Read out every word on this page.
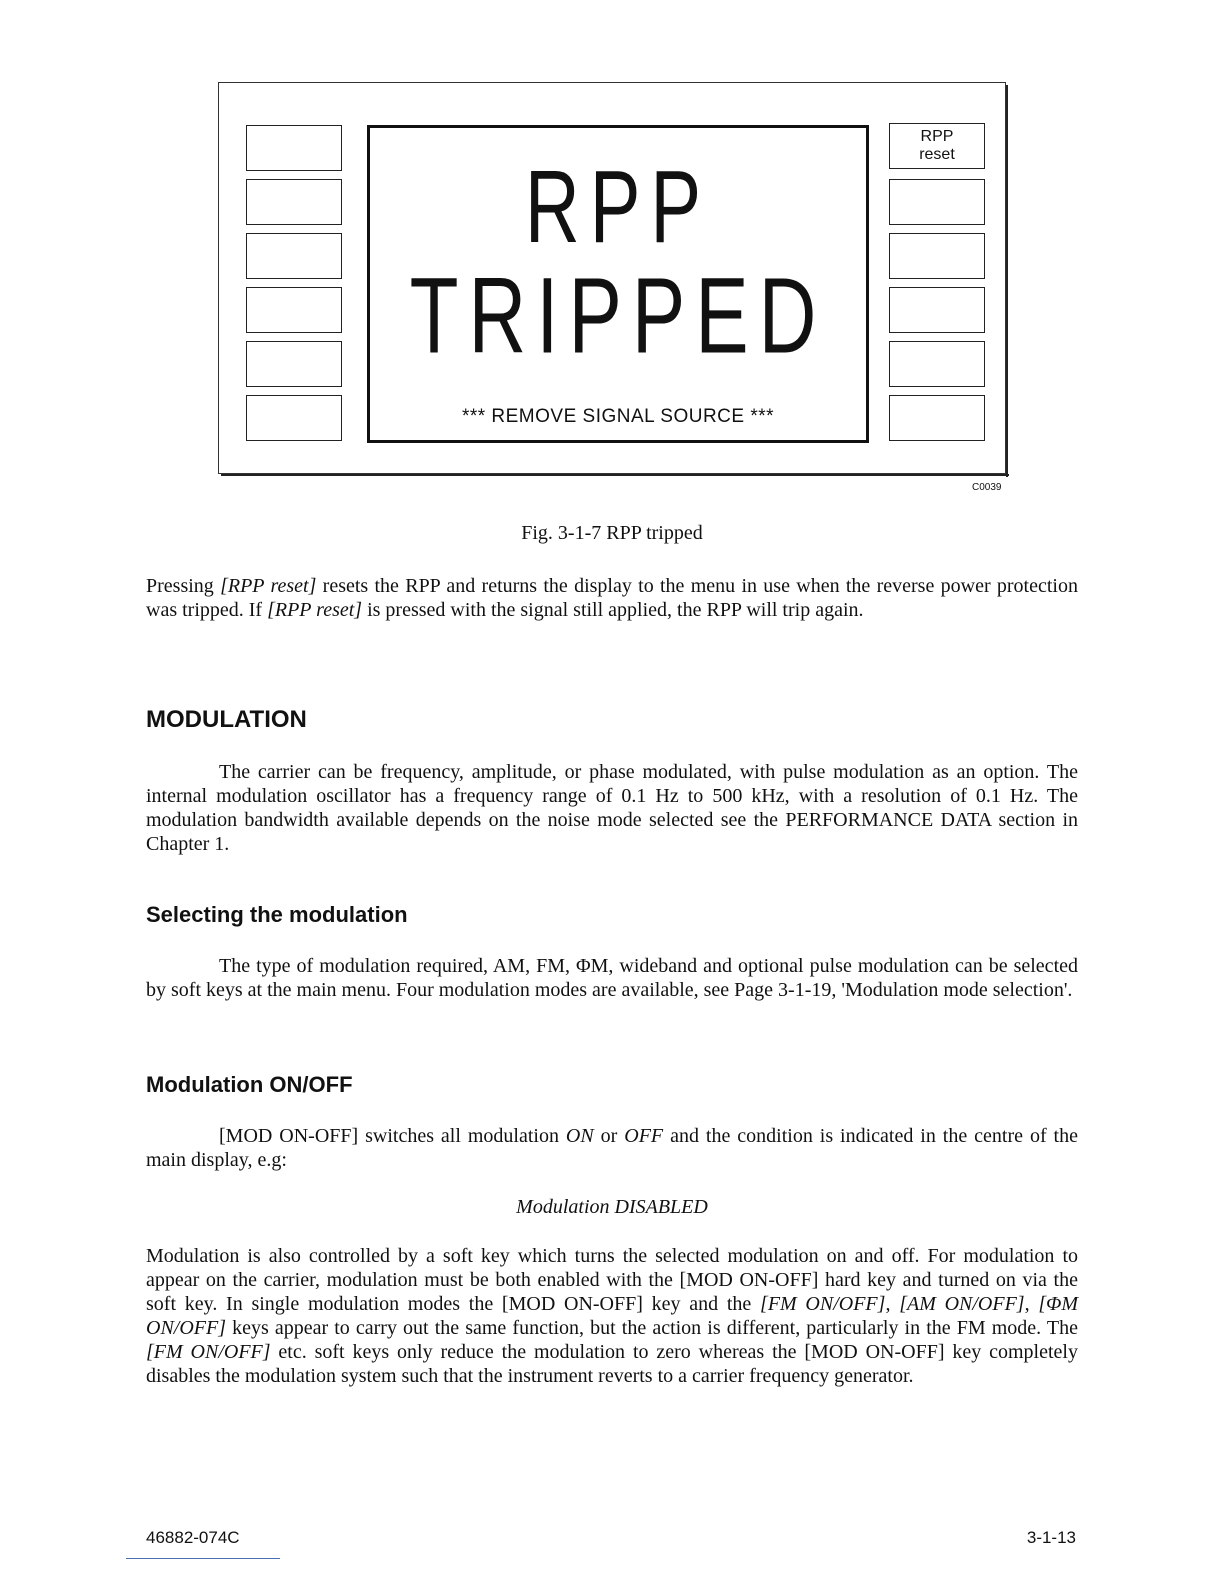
RPP
TRIPPED
*** REMOVE SIGNAL SOURCE ***
RPP
reset
C0039
Fig. 3-1-7 RPP tripped

Pressing [RPP reset] resets the RPP and returns the display to the menu in use when the reverse power protection was tripped. If [RPP reset] is pressed with the signal still applied, the RPP will trip again.

MODULATION

The carrier can be frequency, amplitude, or phase modulated, with pulse modulation as an option. The internal modulation oscillator has a frequency range of 0.1 Hz to 500 kHz, with a resolution of 0.1 Hz. The modulation bandwidth available depends on the noise mode selected see the PERFORMANCE DATA section in Chapter 1.

Selecting the modulation

The type of modulation required, AM, FM, ΦM, wideband and optional pulse modulation can be selected by soft keys at the main menu. Four modulation modes are available, see Page 3-1-19, 'Modulation mode selection'.

Modulation ON/OFF

[MOD ON-OFF] switches all modulation ON or OFF and the condition is indicated in the centre of the main display, e.g:

Modulation DISABLED

Modulation is also controlled by a soft key which turns the selected modulation on and off. For modulation to appear on the carrier, modulation must be both enabled with the [MOD ON-OFF] hard key and turned on via the soft key. In single modulation modes the [MOD ON-OFF] key and the [FM ON/OFF], [AM ON/OFF], [ΦM ON/OFF] keys appear to carry out the same function, but the action is different, particularly in the FM mode. The [FM ON/OFF] etc. soft keys only reduce the modulation to zero whereas the [MOD ON-OFF] key completely disables the modulation system such that the instrument reverts to a carrier frequency generator.

46882-074C	3-1-13
